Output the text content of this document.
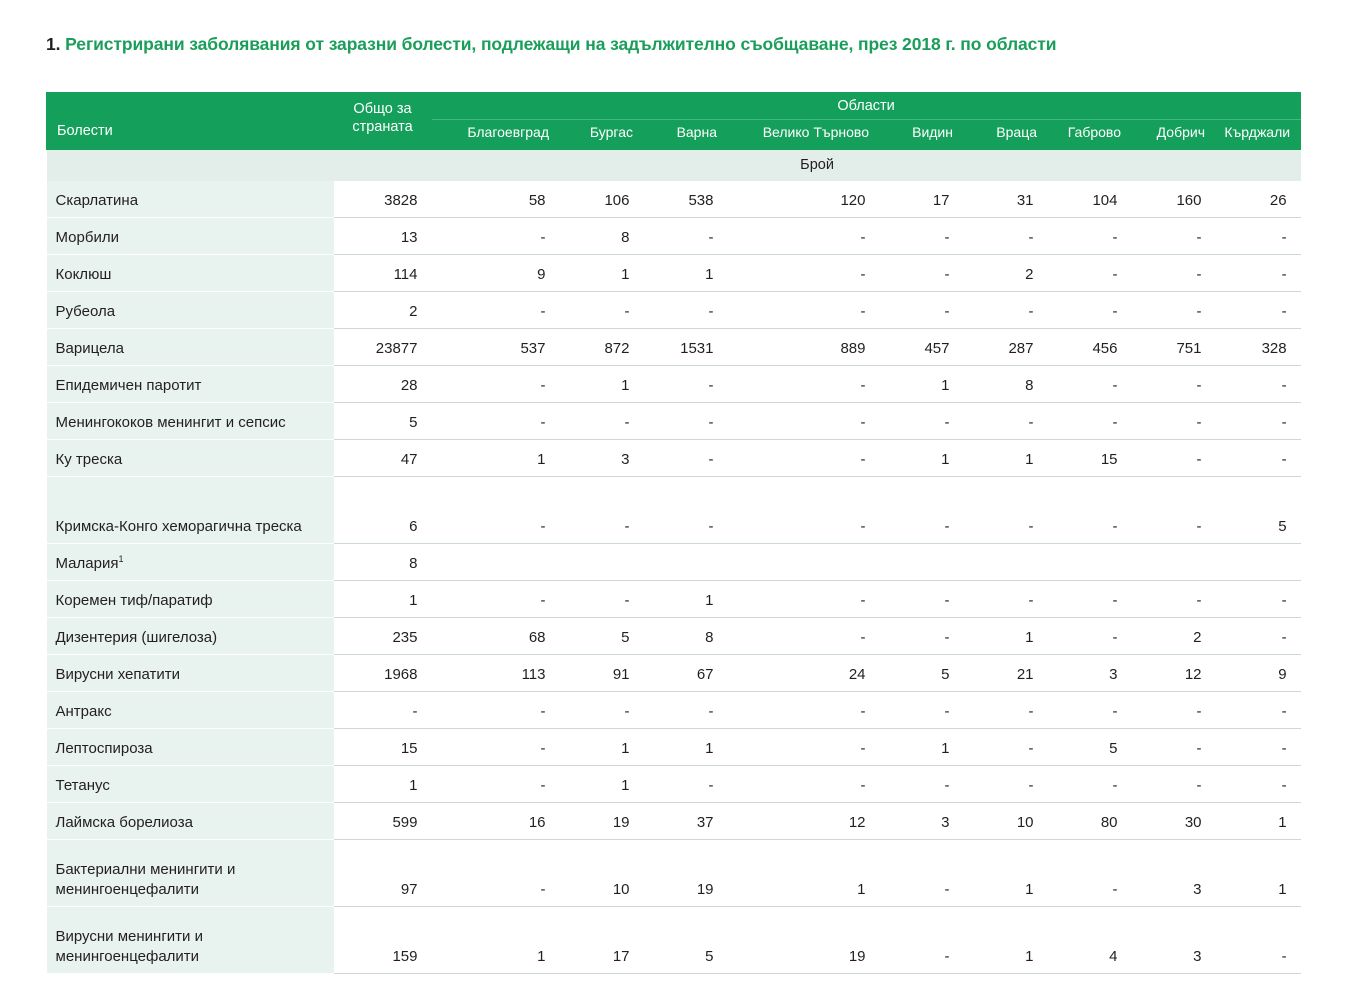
1. Регистрирани заболявания от заразни болести, подлежащи на задължително съобщаване, през 2018 г. по области
Болести	Общо за страната	Области								
		Благоевград	Бургас	Варна	Велико Търново	Видин	Враца	Габрово	Добрич	Кърджали
	Брой									
Скарлатина	3828	58	106	538	120	17	31	104	160	26
Морбили	13	-	8	-	-	-	-	-	-	-
Коклюш	114	9	1	1	-	-	2	-	-	-
Рубеола	2	-	-	-	-	-	-	-	-	-
Варицела	23877	537	872	1531	889	457	287	456	751	328
Епидемичен паротит	28	-	1	-	-	1	8	-	-	-
Менингококов менингит и сепсис	5	-	-	-	-	-	-	-	-	-
Ку треска	47	1	3	-	-	1	1	15	-	-
Кримска-Конго хеморагична треска	6	-	-	-	-	-	-	-	-	5
Малария$^1$	8									
Коремен тиф/паратиф	1	-	-	1	-	-	-	-	-	-
Дизентерия (шигелоза)	235	68	5	8	-	-	1	-	2	-
Вирусни хепатити	1968	113	91	67	24	5	21	3	12	9
Антракс	-	-	-	-	-	-	-	-	-	-
Лептоспироза	15	-	1	1	-	1	-	5	-	-
Тетанус	1	-	1	-	-	-	-	-	-	-
Лаймска борелиоза	599	16	19	37	12	3	10	80	30	1
Бактериални менингити и менингоенцефалити	97	-	10	19	1	-	1	-	3	1
Вирусни менингити и менингоенцефалити	159	1	17	5	19	-	1	4	3	-
